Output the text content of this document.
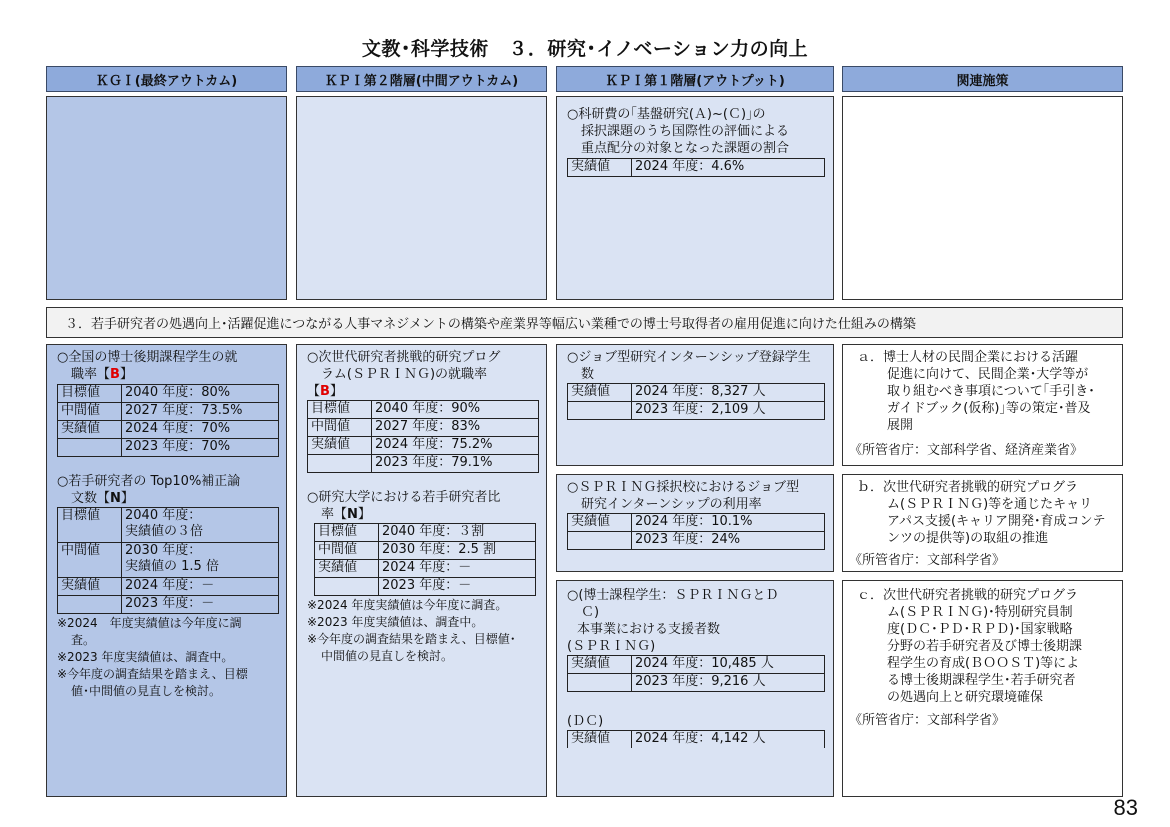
文教･科学技術　３．研究･イノベーション力の向上
ＫＧＩ(最終アウトカム)	ＫＰＩ第２階層(中間アウトカム)	ＫＰＩ第１階層(アウトプット)	関連施策
○科研費の｢基盤研究(Ａ)~(Ｃ)｣の
採択課題のうち国際性の評価による
重点配分の対象となった課題の割合
実績値	2024 年度：4.6%
３．若手研究者の処遇向上･活躍促進につながる人事マネジメントの構築や産業界等幅広い業種での博士号取得者の雇用促進に向けた仕組みの構築
○全国の博士後期課程学生の就
職率【B】
目標値	2040 年度：80%
中間値	2027 年度：73.5%
実績値	2024 年度：70%
	2023 年度：70%
○若手研究者の Top10%補正論
文数【N】
目標値	2040 年度：
実績値の３倍

中間値	2030 年度：
実績値の 1.5 倍

実績値	2024 年度：－
	2023 年度：－
※2024　年度実績値は今年度に調
査。
※2023 年度実績値は、調査中。
※今年度の調査結果を踏まえ、目標
値･中間値の見直しを検討。
○次世代研究者挑戦的研究プログ
ラム(ＳＰＲＩＮＧ)の就職率
【B】
目標値	2040 年度：90%
中間値	2027 年度：83%
実績値	2024 年度：75.2%
	2023 年度：79.1%
○研究大学における若手研究者比
率【N】
目標値	2040 年度：３割
中間値	2030 年度：2.5 割
実績値	2024 年度：－
	2023 年度：－
※2024 年度実績値は今年度に調査。
※2023 年度実績値は、調査中。
※今年度の調査結果を踏まえ、目標値･
中間値の見直しを検討。
○ジョブ型研究インターンシップ登録学生
数
実績値	2024 年度：8,327 人
	2023 年度：2,109 人
○ＳＰＲＩＮＧ採択校におけるジョブ型
研究インターンシップの利用率
実績値	2024 年度：10.1%
	2023 年度：24%
○(博士課程学生：ＳＰＲＩＮＧとＤ
Ｃ)
本事業における支援者数
(ＳＰＲＩＮＧ)
実績値	2024 年度：10,485 人
	2023 年度：9,216 人
(ＤＣ)
実績値	2024 年度：4,142 人
ａ．博士人材の民間企業における活躍
促進に向けて、民間企業･大学等が
取り組むべき事項について｢手引き･
ガイドブック(仮称)｣等の策定･普及
展開
《所管省庁：文部科学省、経済産業省》
ｂ．次世代研究者挑戦的研究プログラ
ム(ＳＰＲＩＮＧ)等を通じたキャリ
アパス支援(キャリア開発･育成コンテ
ンツの提供等)の取組の推進
《所管省庁：文部科学省》
ｃ．次世代研究者挑戦的研究プログラ
ム(ＳＰＲＩＮＧ)･特別研究員制
度(ＤＣ･ＰＤ･ＲＰＤ)･国家戦略
分野の若手研究者及び博士後期課
程学生の育成(ＢＯＯＳＴ)等によ
る博士後期課程学生･若手研究者
の処遇向上と研究環境確保
《所管省庁：文部科学省》
83
